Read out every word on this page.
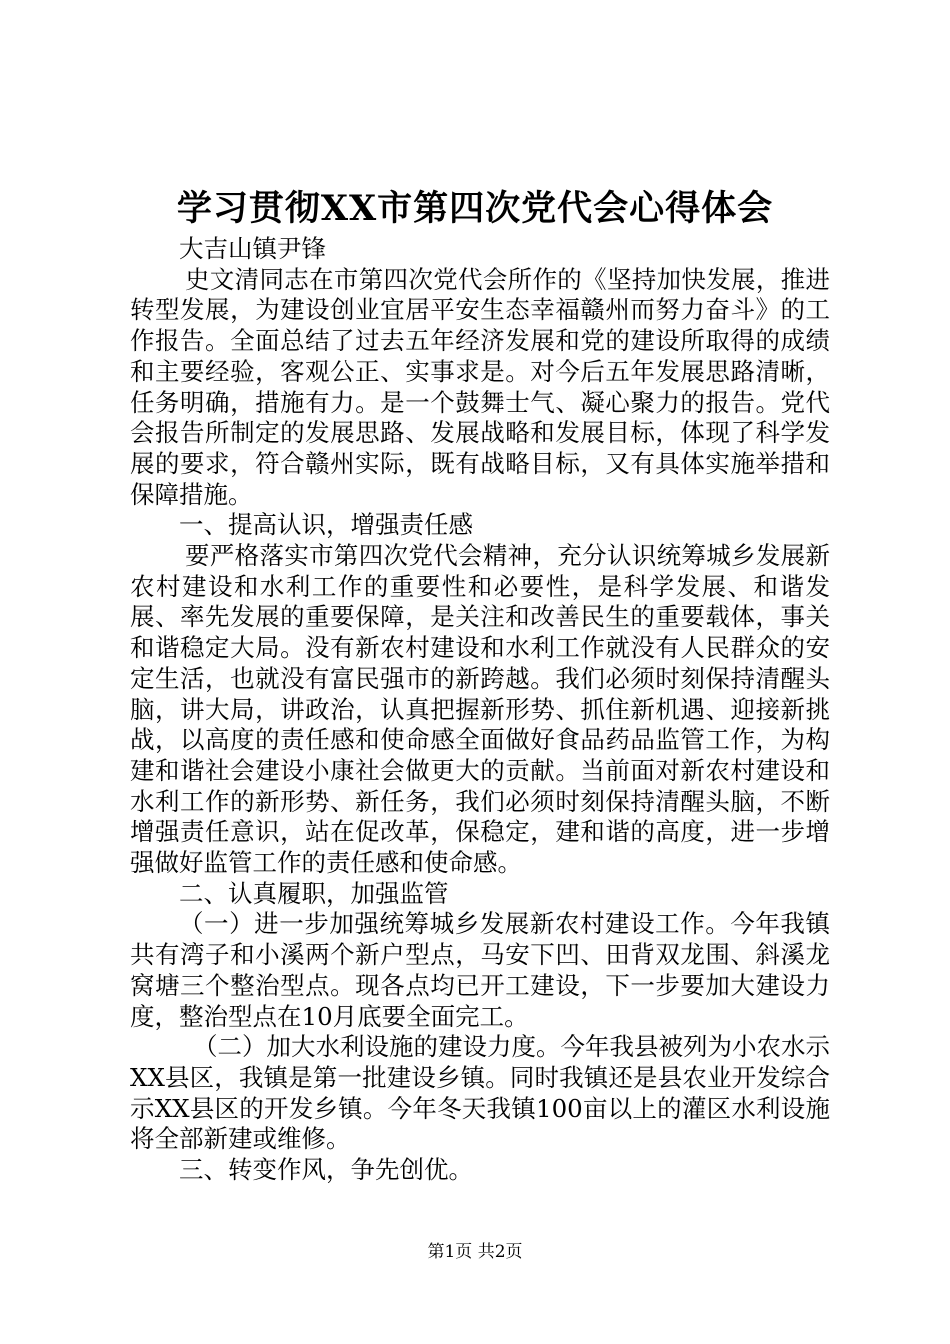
学习贯彻XX市第四次党代会心得体会

大吉山镇尹锋

史文清同志在市第四次党代会所作的《坚持加快发展，推进转型发展，为建设创业宜居平安生态幸福赣州而努力奋斗》的工作报告。全面总结了过去五年经济发展和党的建设所取得的成绩和主要经验，客观公正、实事求是。对今后五年发展思路清晰，任务明确，措施有力。是一个鼓舞士气、凝心聚力的报告。党代会报告所制定的发展思路、发展战略和发展目标，体现了科学发展的要求，符合赣州实际，既有战略目标，又有具体实施举措和保障措施。

一、提高认识，增强责任感

要严格落实市第四次党代会精神，充分认识统筹城乡发展新农村建设和水利工作的重要性和必要性，是科学发展、和谐发展、率先发展的重要保障，是关注和改善民生的重要载体，事关和谐稳定大局。没有新农村建设和水利工作就没有人民群众的安定生活，也就没有富民强市的新跨越。我们必须时刻保持清醒头脑，讲大局，讲政治，认真把握新形势、抓住新机遇、迎接新挑战，以高度的责任感和使命感全面做好食品药品监管工作，为构建和谐社会建设小康社会做更大的贡献。当前面对新农村建设和水利工作的新形势、新任务，我们必须时刻保持清醒头脑，不断增强责任意识，站在促改革，保稳定，建和谐的高度，进一步增强做好监管工作的责任感和使命感。

二、认真履职，加强监管

（一）进一步加强统筹城乡发展新农村建设工作。今年我镇共有湾子和小溪两个新户型点，马安下凹、田背双龙围、斜溪龙窝塘三个整治型点。现各点均已开工建设，下一步要加大建设力度，整治型点在10月底要全面完工。

（二）加大水利设施的建设力度。今年我县被列为小农水示XX县区，我镇是第一批建设乡镇。同时我镇还是县农业开发综合示XX县区的开发乡镇。今年冬天我镇100亩以上的灌区水利设施将全部新建或维修。

三、转变作风，争先创优。

第1页 共2页
